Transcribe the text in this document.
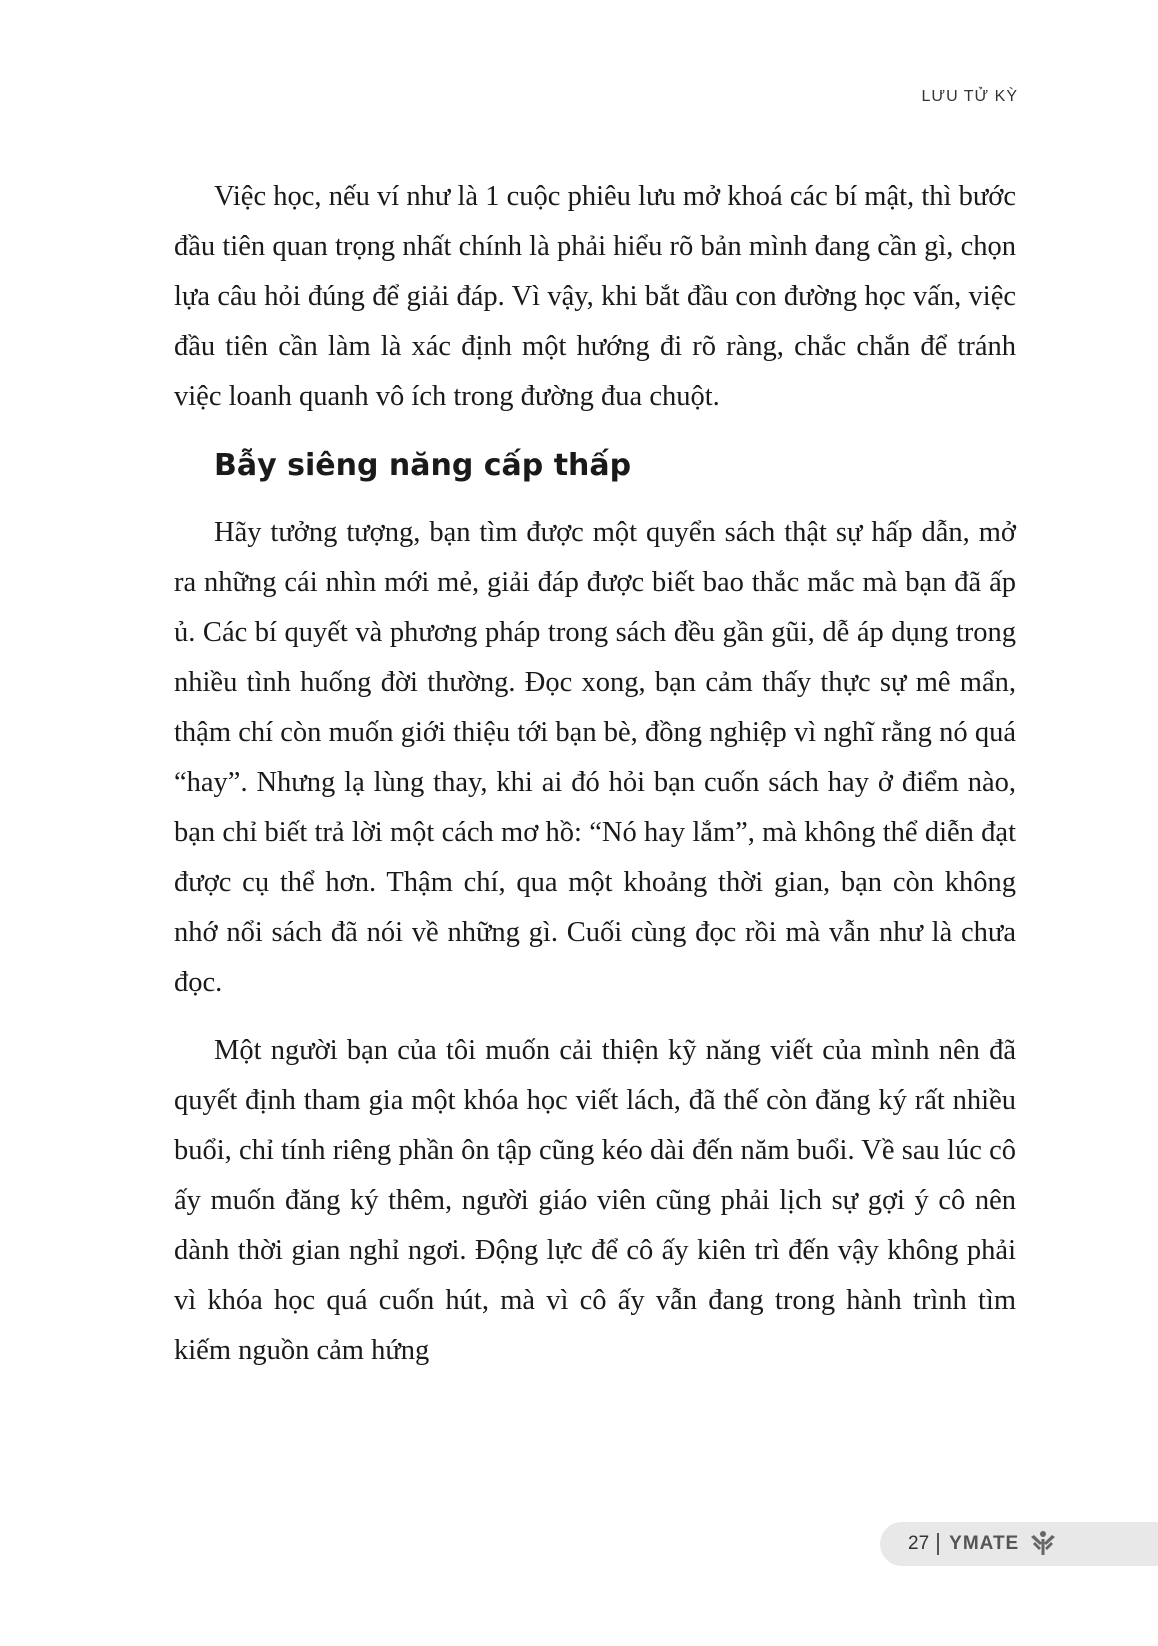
LƯU TỬ KỲ

Việc học, nếu ví như là 1 cuộc phiêu lưu mở khoá các bí mật, thì bước đầu tiên quan trọng nhất chính là phải hiểu rõ bản mình đang cần gì, chọn lựa câu hỏi đúng để giải đáp. Vì vậy, khi bắt đầu con đường học vấn, việc đầu tiên cần làm là xác định một hướng đi rõ ràng, chắc chắn để tránh việc loanh quanh vô ích trong đường đua chuột.

Bẫy siêng năng cấp thấp

Hãy tưởng tượng, bạn tìm được một quyển sách thật sự hấp dẫn, mở ra những cái nhìn mới mẻ, giải đáp được biết bao thắc mắc mà bạn đã ấp ủ. Các bí quyết và phương pháp trong sách đều gần gũi, dễ áp dụng trong nhiều tình huống đời thường. Đọc xong, bạn cảm thấy thực sự mê mẩn, thậm chí còn muốn giới thiệu tới bạn bè, đồng nghiệp vì nghĩ rằng nó quá “hay”. Nhưng lạ lùng thay, khi ai đó hỏi bạn cuốn sách hay ở điểm nào, bạn chỉ biết trả lời một cách mơ hồ: “Nó hay lắm”, mà không thể diễn đạt được cụ thể hơn. Thậm chí, qua một khoảng thời gian, bạn còn không nhớ nổi sách đã nói về những gì. Cuối cùng đọc rồi mà vẫn như là chưa đọc.

Một người bạn của tôi muốn cải thiện kỹ năng viết của mình nên đã quyết định tham gia một khóa học viết lách, đã thế còn đăng ký rất nhiều buổi, chỉ tính riêng phần ôn tập cũng kéo dài đến năm buổi. Về sau lúc cô ấy muốn đăng ký thêm, người giáo viên cũng phải lịch sự gợi ý cô nên dành thời gian nghỉ ngơi. Động lực để cô ấy kiên trì đến vậy không phải vì khóa học quá cuốn hút, mà vì cô ấy vẫn đang trong hành trình tìm kiếm nguồn cảm hứng

27 YMATE
